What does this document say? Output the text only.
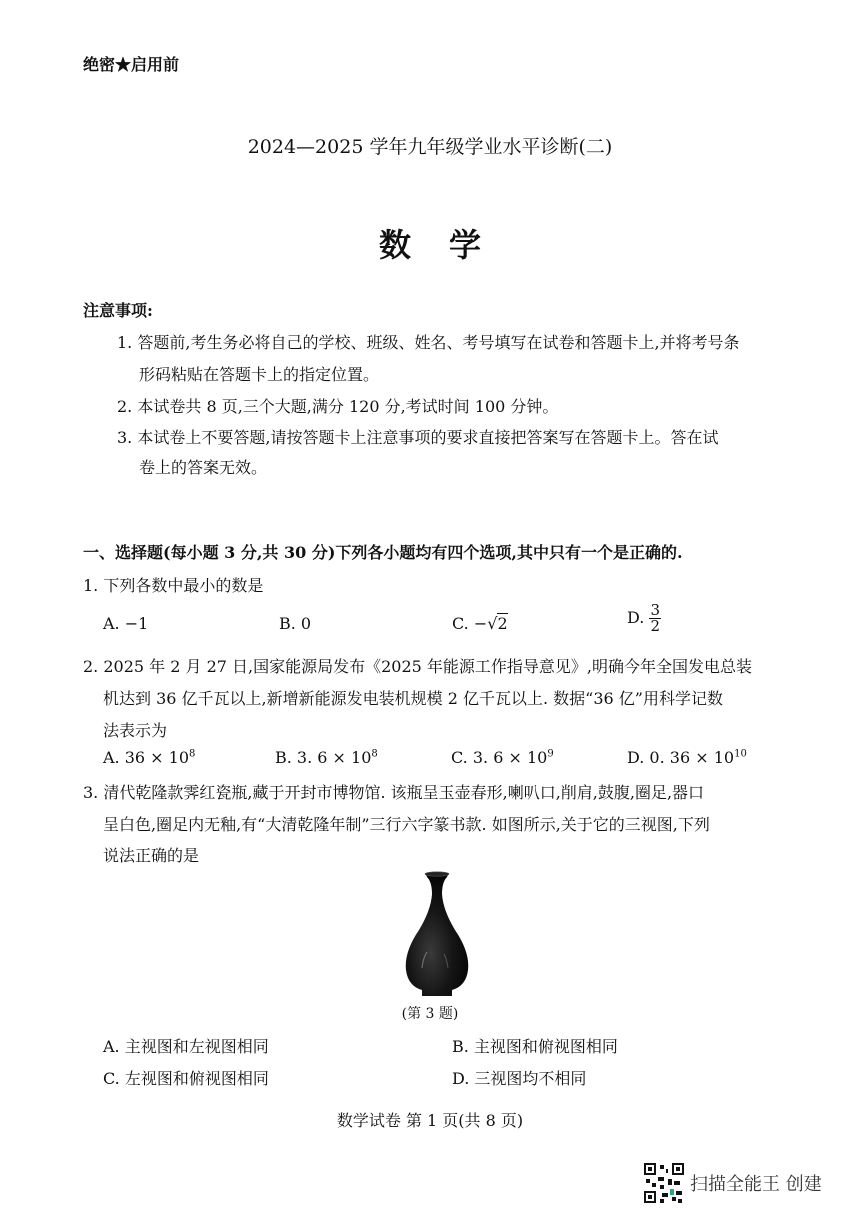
绝密★启用前
2024—2025 学年九年级学业水平诊断(二)
数学
注意事项:
1. 答题前,考生务必将自己的学校、班级、姓名、考号填写在试卷和答题卡上,并将考号条
形码粘贴在答题卡上的指定位置。
2. 本试卷共 8 页,三个大题,满分 120 分,考试时间 100 分钟。
3. 本试卷上不要答题,请按答题卡上注意事项的要求直接把答案写在答题卡上。答在试
卷上的答案无效。
一、选择题(每小题 3 分,共 30 分)下列各小题均有四个选项,其中只有一个是正确的.
1. 下列各数中最小的数是
A. −1	B. 0	C. −√2	D. $\frac{3}{2}$
2. 2025 年 2 月 27 日,国家能源局发布《2025 年能源工作指导意见》,明确今年全国发电总装
机达到 36 亿千瓦以上,新增新能源发电装机规模 2 亿千瓦以上. 数据“36 亿”用科学记数
法表示为
A. $36 \times 10^8$	B. 3. $6 \times 10^8$	C. 3. $6 \times 10^9$	D. 0. $36 \times 10^{10}$
3. 清代乾隆款霁红瓷瓶,藏于开封市博物馆. 该瓶呈玉壶春形,喇叭口,削肩,鼓腹,圈足,器口
呈白色,圈足内无釉,有“大清乾隆年制”三行六字篆书款. 如图所示,关于它的三视图,下列
说法正确的是
(第 3 题)
A. 主视图和左视图相同	B. 主视图和俯视图相同
C. 左视图和俯视图相同	D. 三视图均不相同
数学试卷 第 1 页(共 8 页)
扫描全能王 创建
